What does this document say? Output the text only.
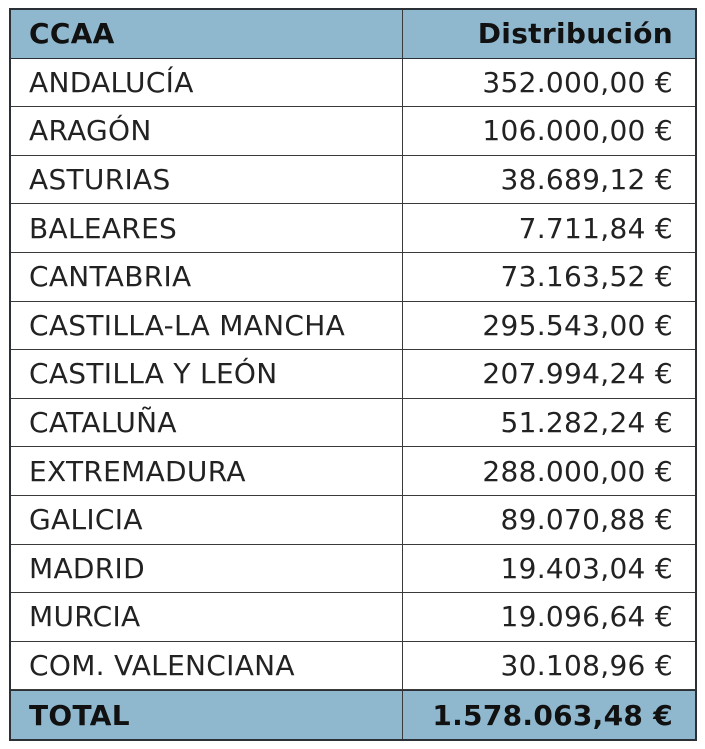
CCAA	Distribución
ANDALUCÍA	352.000,00 €
ARAGÓN	106.000,00 €
ASTURIAS	38.689,12 €
BALEARES	7.711,84 €
CANTABRIA	73.163,52 €
CASTILLA-LA MANCHA	295.543,00 €
CASTILLA Y LEÓN	207.994,24 €
CATALUÑA	51.282,24 €
EXTREMADURA	288.000,00 €
GALICIA	89.070,88 €
MADRID	19.403,04 €
MURCIA	19.096,64 €
COM. VALENCIANA	30.108,96 €
TOTAL	1.578.063,48 €
